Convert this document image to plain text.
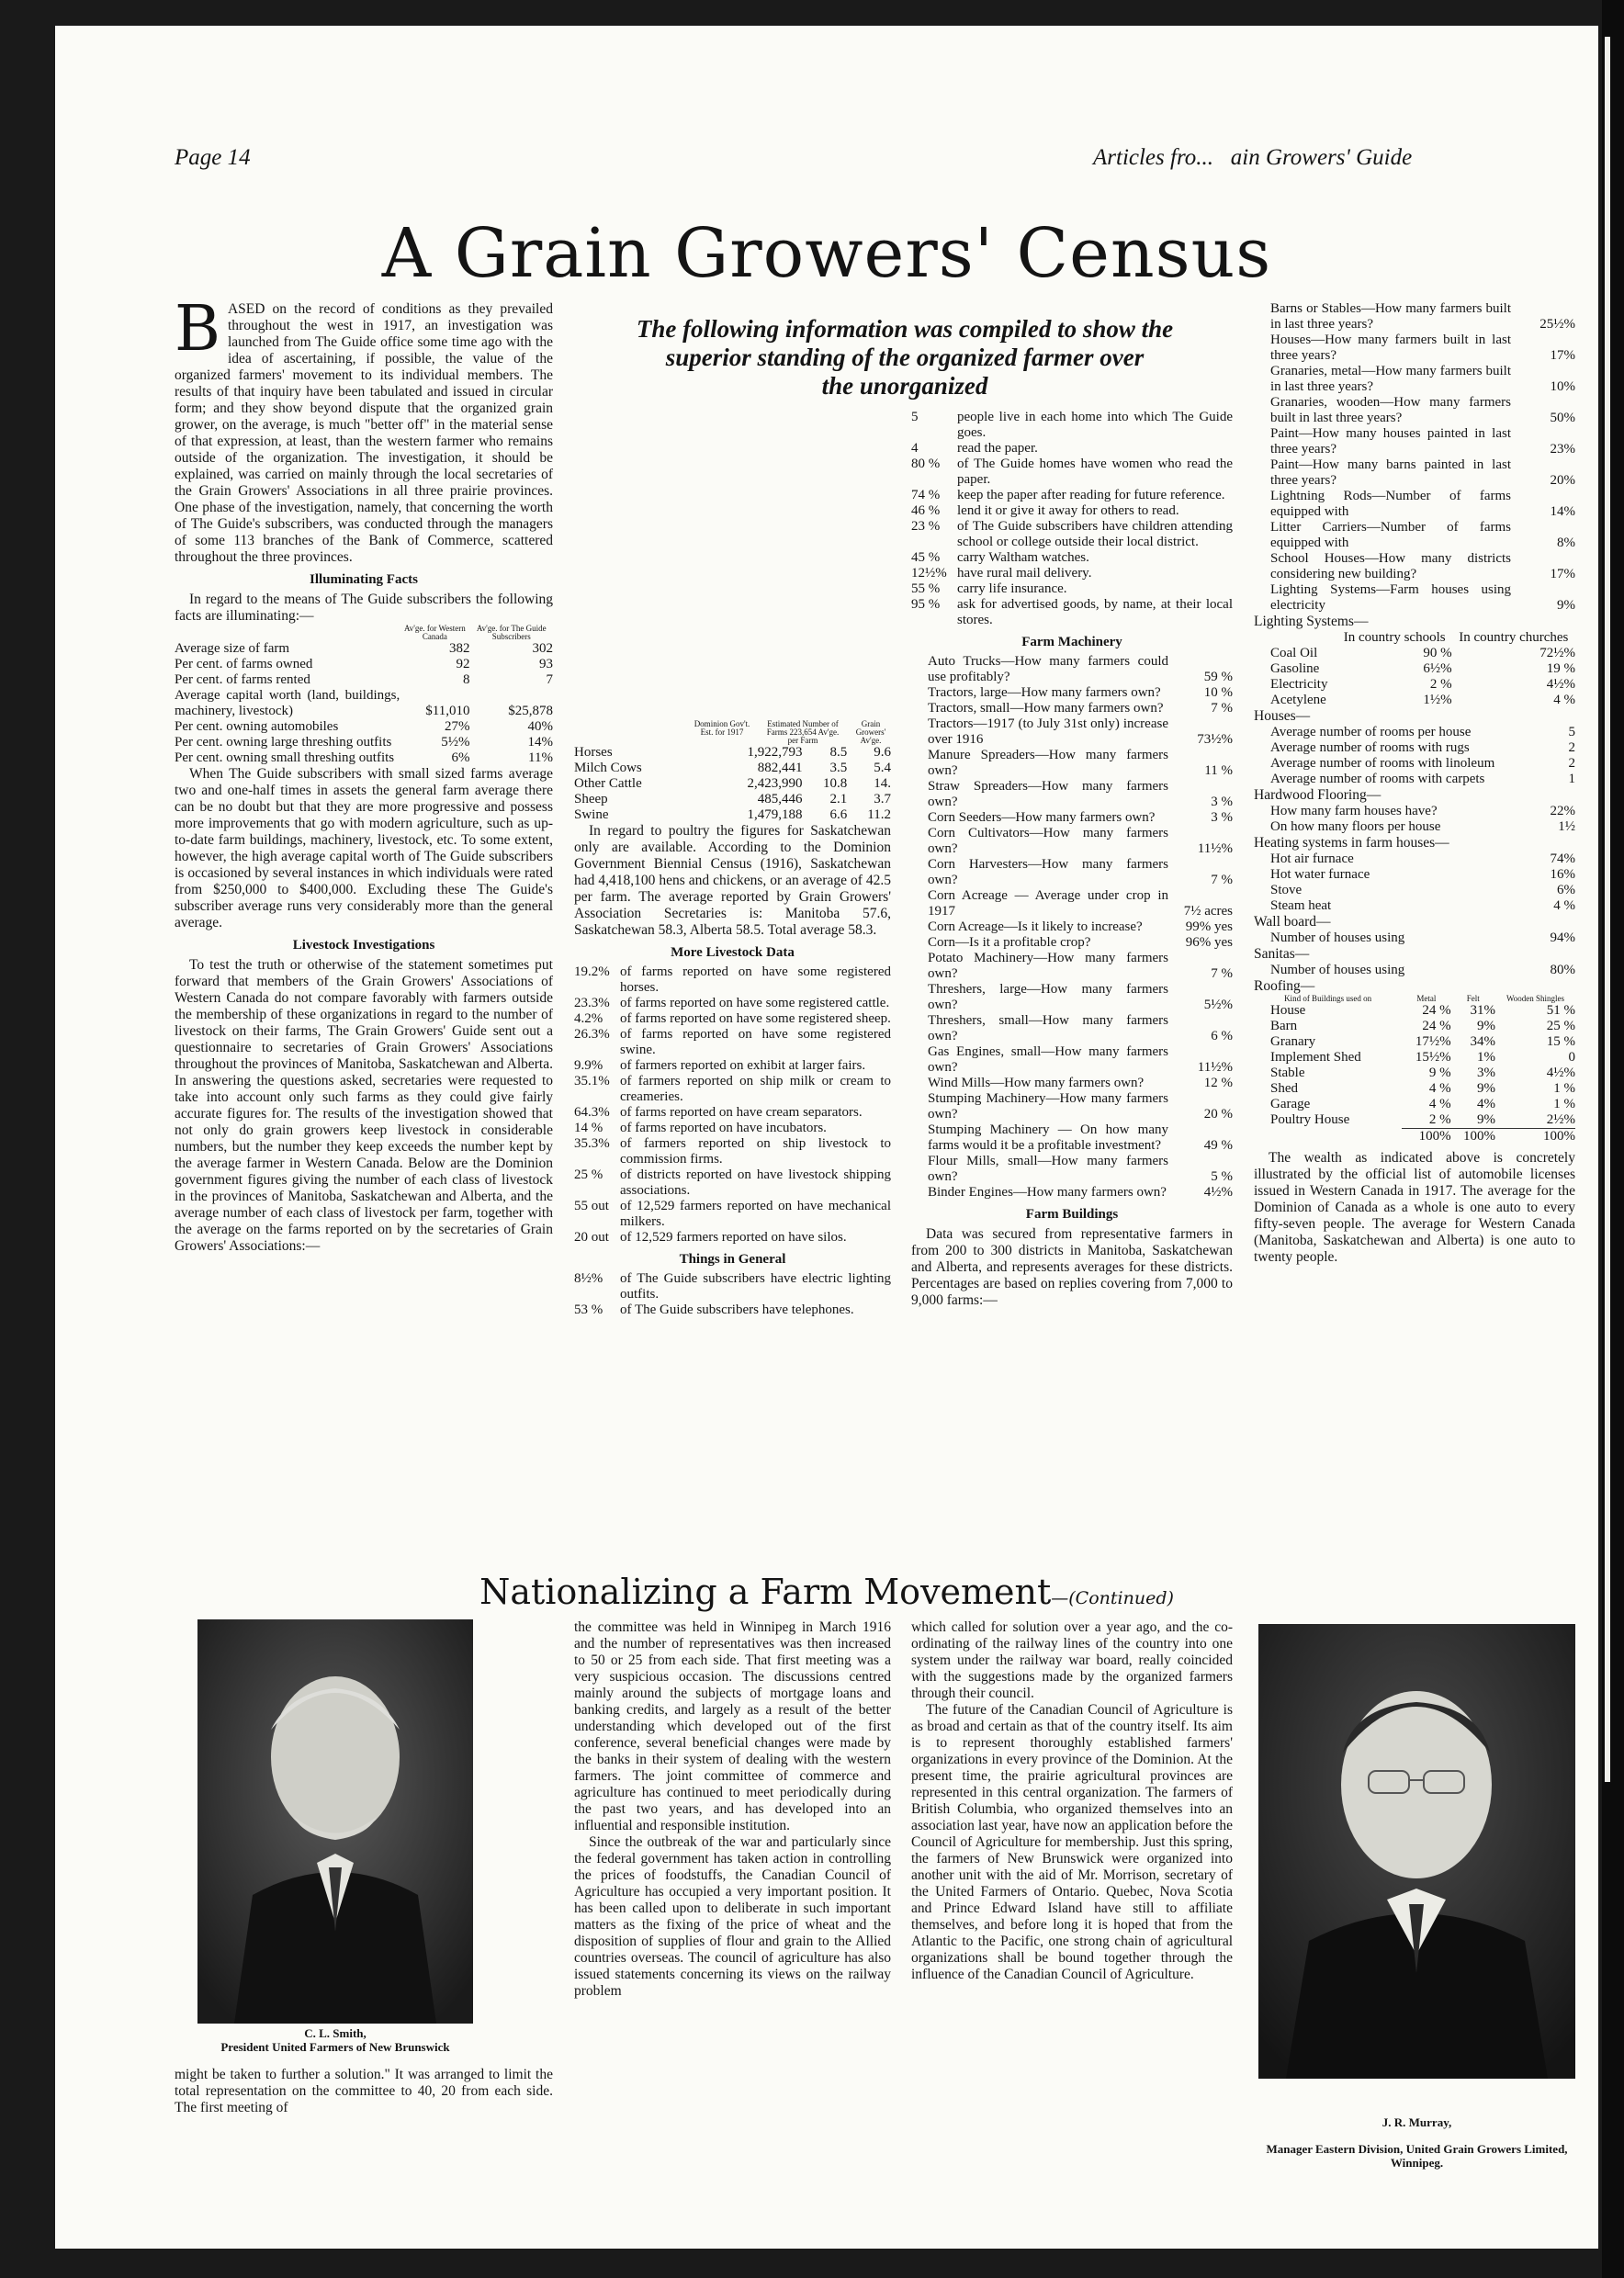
Page 14	Articles fro...   ain Growers' Guide
A Grain Growers' Census
The following information was compiled to show the
superior standing of the organized farmer over
the unorganized

BASED on the record of conditions as they prevailed throughout the west in 1917, an investigation was launched from The Guide office some time ago with the idea of ascertaining, if possible, the value of the organized farmers' movement to its individual members. The results of that inquiry have been tabulated and issued in circular form; and they show beyond dispute that the organized grain grower, on the average, is much "better off" in the material sense of that expression, at least, than the western farmer who remains outside of the organization. The investigation, it should be explained, was carried on mainly through the local secretaries of the Grain Growers' Associations in all three prairie provinces. One phase of the investigation, namely, that concerning the worth of The Guide's subscribers, was conducted through the managers of some 113 branches of the Bank of Commerce, scattered throughout the three provinces.

Illuminating Facts

In regard to the means of The Guide subscribers the following facts are illuminating:—

	Av'ge. for Western Canada	Av'ge. for The Guide Subscribers
Average size of farm	382	302
Per cent. of farms owned	92	93
Per cent. of farms rented	8	7
Average capital worth (land, buildings, machinery, livestock)	$11,010	$25,878
Per cent. owning automobiles	27%	40%
Per cent. owning large threshing outfits	5½%	14%
Per cent. owning small threshing outfits	6%	11%

When The Guide subscribers with small sized farms average two and one-half times in assets the general farm average there can be no doubt but that they are more progressive and possess more improvements that go with modern agriculture, such as up-to-date farm buildings, machinery, livestock, etc. To some extent, however, the high average capital worth of The Guide subscribers is occasioned by several instances in which individuals were rated from $250,000 to $400,000. Excluding these The Guide's subscriber average runs very considerably more than the general average.

Livestock Investigations

To test the truth or otherwise of the statement sometimes put forward that members of the Grain Growers' Associations of Western Canada do not compare favorably with farmers outside the membership of these organizations in regard to the number of livestock on their farms, The Grain Growers' Guide sent out a questionnaire to secretaries of Grain Growers' Associations throughout the provinces of Manitoba, Saskatchewan and Alberta. In answering the questions asked, secretaries were requested to take into account only such farms as they could give fairly accurate figures for. The results of the investigation showed that not only do grain growers keep livestock in considerable numbers, but the number they keep exceeds the number kept by the average farmer in Western Canada. Below are the Dominion government figures giving the number of each class of livestock in the provinces of Manitoba, Saskatchewan and Alberta, and the average number of each class of livestock per farm, together with the average on the farms reported on by the secretaries of Grain Growers' Associations:—

Dominion Gov't. Est. for 1917
Estimated Number of Farms 223,654 Av'ge. per Farm
Grain Growers' Av'ge.
Horses	1,922,793	8.5	9.6
Milch Cows	882,441	3.5	5.4
Other Cattle	2,423,990	10.8	14.
Sheep	485,446	2.1	3.7
Swine	1,479,188	6.6	11.2

In regard to poultry the figures for Saskatchewan only are available. According to the Dominion Government Biennial Census (1916), Saskatchewan had 4,418,100 hens and chickens, or an average of 42.5 per farm. The average reported by Grain Growers' Association Secretaries is: Manitoba 57.6, Saskatchewan 58.3, Alberta 58.5. Total average 58.3.

More Livestock Data
19.2%	of farms reported on have some registered horses.
23.3%	of farms reported on have some registered cattle.
4.2%	of farms reported on have some registered sheep.
26.3%	of farms reported on have some registered swine.
9.9%	of farmers reported on exhibit at larger fairs.
35.1%	of farmers reported on ship milk or cream to creameries.
64.3%	of farms reported on have cream separators.
14 %	of farms reported on have incubators.
35.3%	of farmers reported on ship livestock to commission firms.
25 %	of districts reported on have livestock shipping associations.
55 out	of 12,529 farmers reported on have mechanical milkers.
20 out	of 12,529 farmers reported on have silos.
Things in General
8½%	of The Guide subscribers have electric lighting outfits.
53 %	of The Guide subscribers have telephones.
5	people live in each home into which The Guide goes.
4	read the paper.
80 %	of The Guide homes have women who read the paper.
74 %	keep the paper after reading for future reference.
46 %	lend it or give it away for others to read.
23 %	of The Guide subscribers have children attending school or college outside their local district.
45 %	carry Waltham watches.
12½%	have rural mail delivery.
55 %	carry life insurance.
95 %	ask for advertised goods, by name, at their local stores.
Farm Machinery
Auto Trucks—How many farmers could use profitably?	59 %
Tractors, large—How many farmers own?	10 %
Tractors, small—How many farmers own?	7 %
Tractors—1917 (to July 31st only) increase over 1916	73½%
Manure Spreaders—How many farmers own?	11 %
Straw Spreaders—How many farmers own?	3 %
Corn Seeders—How many farmers own?	3 %
Corn Cultivators—How many farmers own?	11½%
Corn Harvesters—How many farmers own?	7 %
Corn Acreage — Average under crop in 1917	7½ acres
Corn Acreage—Is it likely to increase?	99% yes
Corn—Is it a profitable crop?	96% yes
Potato Machinery—How many farmers own?	7 %
Threshers, large—How many farmers own?	5½%
Threshers, small—How many farmers own?	6 %
Gas Engines, small—How many farmers own?	11½%
Wind Mills—How many farmers own?	12 %
Stumping Machinery—How many farmers own?	20 %
Stumping Machinery — On how many farms would it be a profitable investment?	49 %
Flour Mills, small—How many farmers own?	5 %
Binder Engines—How many farmers own?	4½%
Farm Buildings

Data was secured from representative farmers in from 200 to 300 districts in Manitoba, Saskatchewan and Alberta, and represents averages for these districts. Percentages are based on replies covering from 7,000 to 9,000 farms:—

Barns or Stables—How many farmers built in last three years?	25½%
Houses—How many farmers built in last three years?	17%
Granaries, metal—How many farmers built in last three years?	10%
Granaries, wooden—How many farmers built in last three years?	50%
Paint—How many houses painted in last three years?	23%
Paint—How many barns painted in last three years?	20%
Lightning Rods—Number of farms equipped with	14%
Litter Carriers—Number of farms equipped with	8%
School Houses—How many districts considering new building?	17%
Lighting Systems—Farm houses using electricity	9%
Lighting Systems—
	In country schools	In country churches
Coal Oil	90 %	72½%
Gasoline	6½%	19 %
Electricity	2 %	4½%
Acetylene	1½%	4 %
Houses—
Average number of rooms per house	5
Average number of rooms with rugs	2
Average number of rooms with linoleum	2
Average number of rooms with carpets	1
Hardwood Flooring—
How many farm houses have?	22%
On how many floors per house	1½
Heating systems in farm houses—
Hot air furnace	74%
Hot water furnace	16%
Stove	6%
Steam heat	4 %
Wall board—
Number of houses using	94%
Sanitas—
Number of houses using	80%
Roofing—
Kind of Buildings used on	Metal	Felt	Wooden Shingles
House	24 %	31%	51 %
Barn	24 %	9%	25 %
Granary	17½%	34%	15 %
Implement Shed	15½%	1%	0
Stable	9 %	3%	4½%
Shed	4 %	9%	1 %
Garage	4 %	4%	1 %
Poultry House	2 %	9%	2½%
	100%	100%	100%

The wealth as indicated above is concretely illustrated by the official list of automobile licenses issued in Western Canada in 1917. The average for the Dominion of Canada as a whole is one auto to every fifty-seven people. The average for Western Canada (Manitoba, Saskatchewan and Alberta) is one auto to twenty people.

Nationalizing a Farm Movement—(Continued)
C. L. Smith,
President United Farmers of New Brunswick

might be taken to further a solution." It was arranged to limit the total representation on the committee to 40, 20 from each side. The first meeting of

the committee was held in Winnipeg in March 1916 and the number of representatives was then increased to 50 or 25 from each side. That first meeting was a very suspicious occasion. The discussions centred mainly around the subjects of mortgage loans and banking credits, and largely as a result of the better understanding which developed out of the first conference, several beneficial changes were made by the banks in their system of dealing with the western farmers. The joint committee of commerce and agriculture has continued to meet periodically during the past two years, and has developed into an influential and responsible institution.

Since the outbreak of the war and particularly since the federal government has taken action in controlling the prices of foodstuffs, the Canadian Council of Agriculture has occupied a very important position. It has been called upon to deliberate in such important matters as the fixing of the price of wheat and the disposition of supplies of flour and grain to the Allied countries overseas. The council of agriculture has also issued statements concerning its views on the railway problem

which called for solution over a year ago, and the co-ordinating of the railway lines of the country into one system under the railway war board, really coincided with the suggestions made by the organized farmers through their council.

The future of the Canadian Council of Agriculture is as broad and certain as that of the country itself. Its aim is to represent thoroughly established farmers' organizations in every province of the Dominion. At the present time, the prairie agricultural provinces are represented in this central organization. The farmers of British Columbia, who organized themselves into an association last year, have now an application before the Council of Agriculture for membership. Just this spring, the farmers of New Brunswick were organized into another unit with the aid of Mr. Morrison, secretary of the United Farmers of Ontario. Quebec, Nova Scotia and Prince Edward Island have still to affiliate themselves, and before long it is hoped that from the Atlantic to the Pacific, one strong chain of agricultural organizations shall be bound together through the influence of the Canadian Council of Agriculture.

J. R. Murray,
Manager Eastern Division, United Grain Growers Limited, Winnipeg.
